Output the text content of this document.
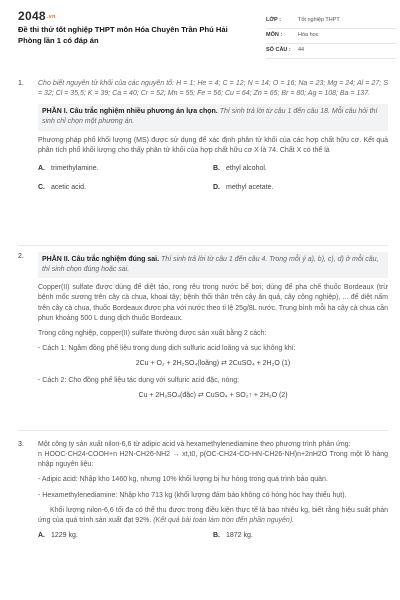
2048.vn
Đề thi thử tốt nghiệp THPT môn Hóa Chuyên Trần Phú Hải Phòng lần 1 có đáp án
LỚP :	Tốt nghiệp THPT
MÔN :	Hóa học
SỐ CÂU :	44
1. Cho biết nguyên tử khối của các nguyên tố: H = 1; He = 4; C = 12; N = 14; O = 16; Na = 23; Mg = 24; Al = 27; S = 32; Cl = 35,5; K = 39; Ca = 40; Cr = 52; Mn = 55; Fe = 56; Cu = 64; Zn = 65; Br = 80; Ag = 108; Ba = 137.

PHẦN I. Câu trắc nghiệm nhiều phương án lựa chọn. Thí sinh trả lời từ câu 1 đến câu 18. Mỗi câu hỏi thí sinh chỉ chọn một phương án.

Phương pháp phổ khối lượng (MS) được sử dụng để xác định phân tử khối của các hợp chất hữu cơ. Kết quả phân tích phổ khối lượng cho thấy phân tử khối của hợp chất hữu cơ X là 74. Chất X có thể là

A. trimethylamine.	B. ethyl alcohol.
C. acetic acid.	D. methyl acetate.
2.	PHẦN II. Câu trắc nghiệm đúng sai. Thí sinh trả lời từ câu 1 đến câu 4. Trong mỗi ý a), b), c), d) ở mỗi câu, thí sinh chọn đúng hoặc sai.

Copper(II) sulfate được dùng để diệt tảo, rong rêu trong nước bể bơi; dùng để pha chế thuốc Bordeaux (trừ bệnh mốc sương trên cây cà chua, khoai tây; bệnh thối thân trên cây ăn quả, cây công nghiệp), ... để diệt nấm trên cây cà chua, thuốc Bordeaux được pha với nước theo tỉ lệ 25g/8L nước. Trung bình mỗi ha cây cà chua cần phun khoảng 500 L dung dịch thuốc Bordeaux.

Trong công nghiệp, copper(II) sulfate thường được sản xuất bằng 2 cách:

- Cách 1: Ngâm đồng phế liệu trong dung dịch sulfuric acid loãng và sục không khí:

2Cu + O₂ + 2H₂SO₄(loãng) ⇄ 2CuSO₄ + 2H₂O (1)

- Cách 2: Cho đồng phế liệu tác dụng với sulfuric acid đặc, nóng:

Cu + 2H₂SO₄(đặc) ⇄ CuSO₄ + SO₂↑ + 2H₂O (2)
3. Một công ty sản xuất nilon-6,6 từ adipic acid và hexamethylenediamine theo phương trình phản ứng:

n HOOC-CH24-COOH+n H2N-CH26-NH2 → xt,t0, p(OC-CH24-CO-HN-CH26-NH)n+2nH2O Trong một lô hàng nhập nguyên liệu:

- Adipic acid: Nhập kho 1460 kg, nhưng 10% khối lượng bị hư hỏng trong quá trình bảo quản.

- Hexamethylenediamine: Nhập kho 713 kg (khối lượng đảm bảo không có hỏng hóc hay thiếu hụt).

Khối lượng nilon-6,6 tối đa có thể thu được trong điều kiện thực tế là bao nhiêu kg, biết rằng hiệu suất phản ứng của quá trình sản xuất đạt 92%. (Kết quả bài toán làm tròn đến phần nguyên).

A. 1229 kg.	B. 1872 kg.
